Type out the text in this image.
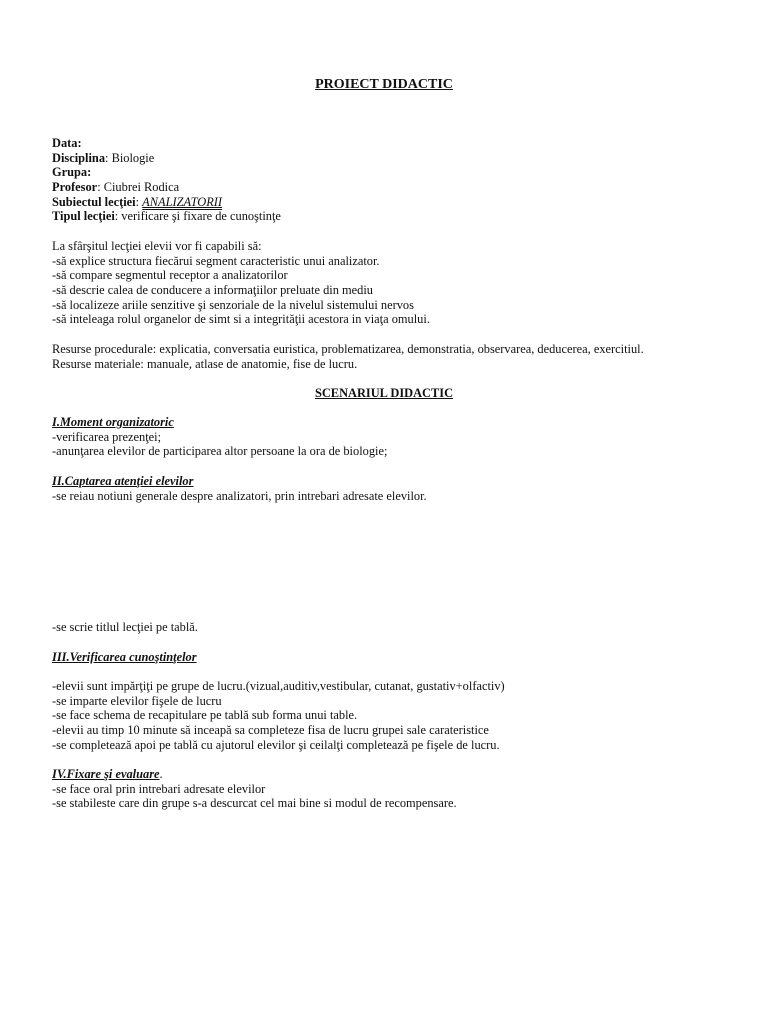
PROIECT DIDACTIC
Data:
Disciplina: Biologie
Grupa:
Profesor: Ciubrei Rodica
Subiectul lecţiei: ANALIZATORII
Tipul lecţiei: verificare şi fixare de cunoştinţe
La sfârşitul lecţiei elevii vor fi capabili să:
-să explice structura fiecărui segment caracteristic unui analizator.
-să compare segmentul receptor a analizatorilor
-să descrie calea de conducere a informaţiilor preluate din mediu
-să localizeze ariile senzitive şi senzoriale de la nivelul sistemului nervos
-să inteleaga rolul organelor de simt si a integrităţii acestora in viaţa omului.
Resurse procedurale: explicatia, conversatia euristica, problematizarea, demonstratia, observarea, deducerea, exercitiul.
Resurse materiale: manuale, atlase de anatomie, fise de lucru.
SCENARIUL DIDACTIC
I.Moment organizatoric
-verificarea prezenţei;
-anunţarea elevilor de participarea altor persoane la ora de biologie;
II.Captarea atenţiei elevilor
-se reiau notiuni generale despre analizatori, prin intrebari adresate elevilor.
-se scrie titlul lecţiei pe tablă.
III.Verificarea cunoştinţelor
-elevii sunt impărţiţi pe grupe de lucru.(vizual,auditiv,vestibular, cutanat, gustativ+olfactiv)
-se imparte elevilor fişele de lucru
-se face schema de recapitulare pe tablă sub forma unui table.
-elevii au timp 10 minute să inceapă sa completeze fisa de lucru grupei sale carateristice
-se completează apoi pe tablă cu ajutorul elevilor şi ceilalţi completează pe fişele de lucru.
IV.Fixare şi evaluare.
-se face oral prin intrebari adresate elevilor
-se stabileste care din grupe s-a descurcat cel mai bine si modul de recompensare.
